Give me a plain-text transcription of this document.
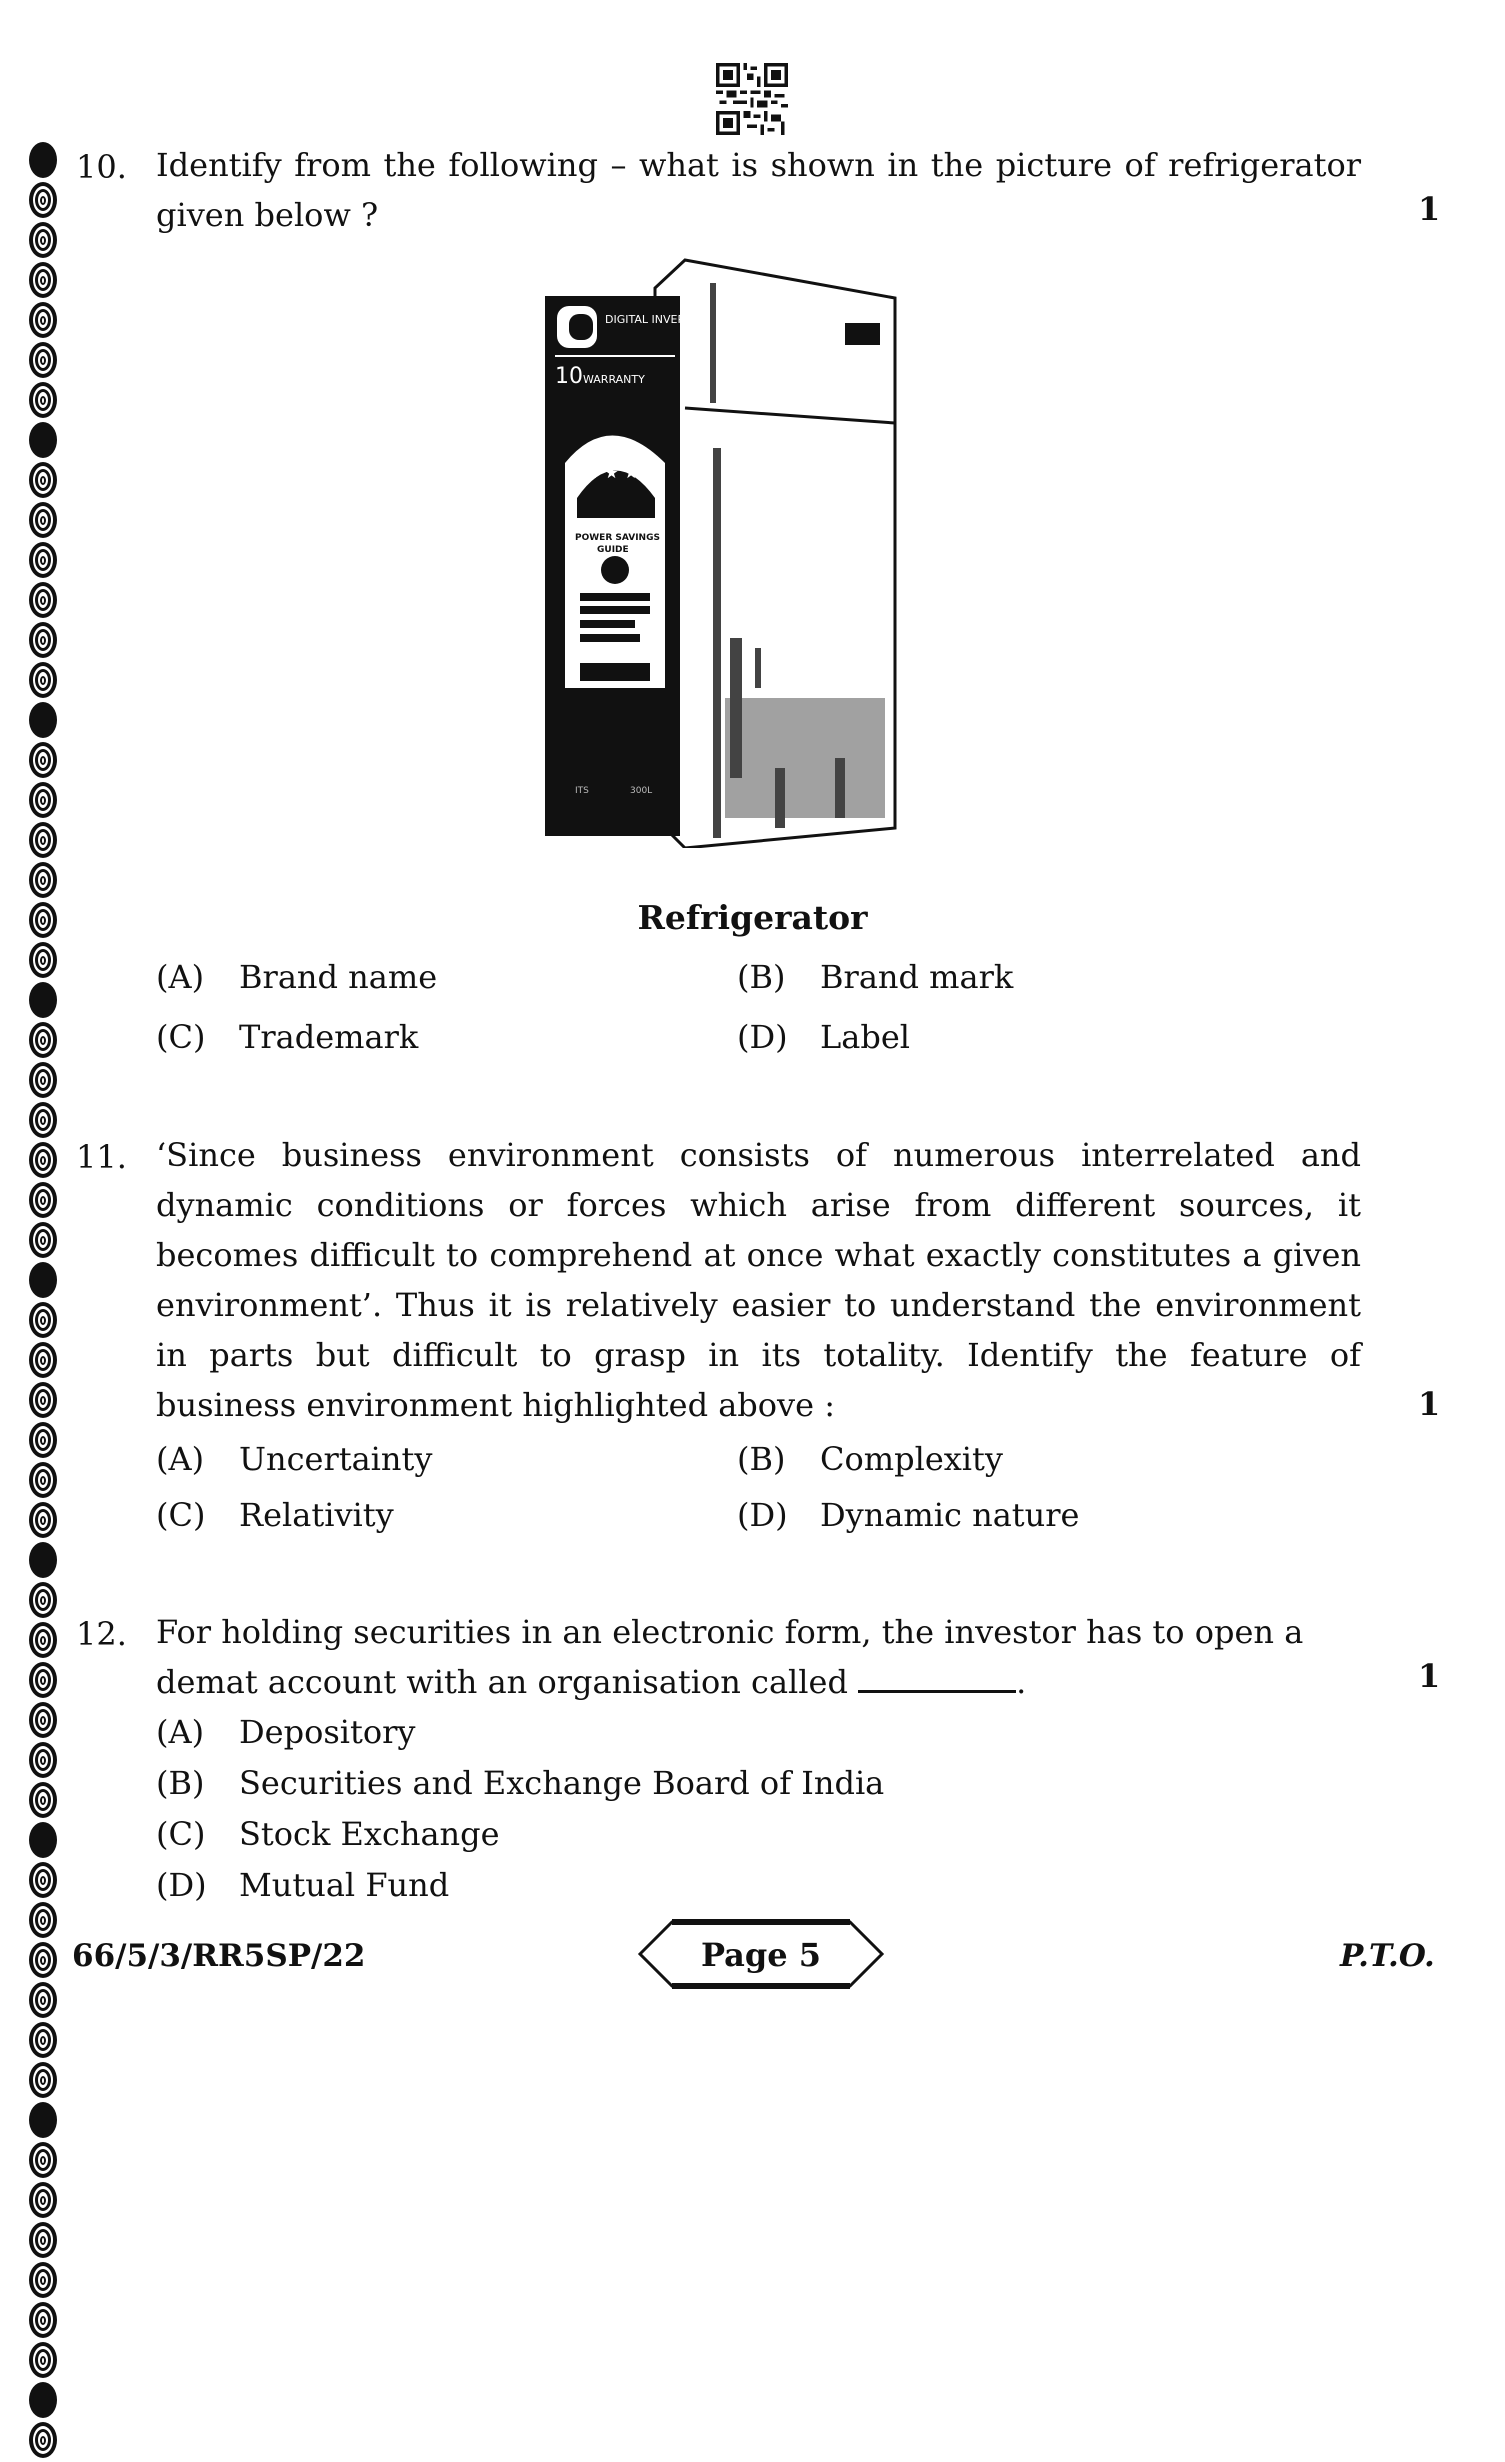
10. Identify from the following – what is shown in the picture of refrigerator given below ?	1
DIGITAL INVERTER
10 WARRANTY
★ ★ ★
POWER SAVINGS
GUIDE
ITS	300L
Refrigerator
(A) Brand name	(B) Brand mark
(C) Trademark	(D) Label
11. ‘Since business environment consists of numerous interrelated and dynamic conditions or forces which arise from different sources, it becomes difficult to comprehend at once what exactly constitutes a given environment’. Thus it is relatively easier to understand the environment in parts but difficult to grasp in its totality. Identify the feature of business environment highlighted above :	1
(A) Uncertainty	(B) Complexity
(C) Relativity	(D) Dynamic nature
12. For holding securities in an electronic form, the investor has to open a demat account with an organisation called	.	1
(A) Depository
(B) Securities and Exchange Board of India
(C) Stock Exchange
(D) Mutual Fund
66/5/3/RR5SP/22	Page 5	P.T.O.
